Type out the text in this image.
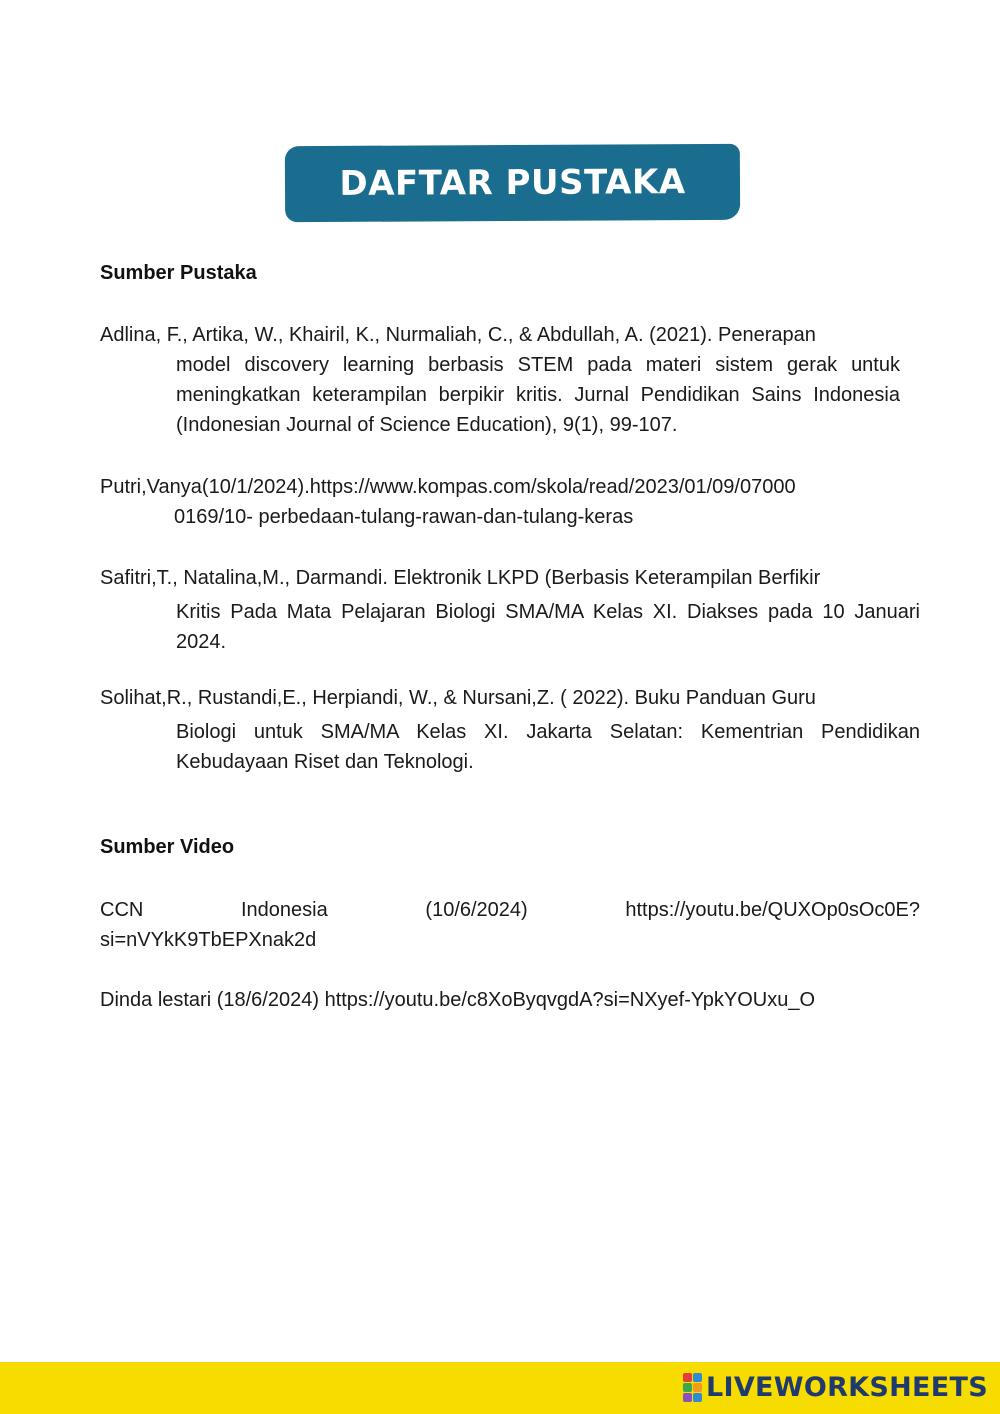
DAFTAR PUSTAKA
Sumber Pustaka
Adlina, F., Artika, W., Khairil, K., Nurmaliah, C., & Abdullah, A. (2021). Penerapan
model discovery learning berbasis STEM pada materi sistem gerak untuk meningkatkan keterampilan berpikir kritis. Jurnal Pendidikan Sains Indonesia (Indonesian Journal of Science Education), 9(1), 99-107.
Putri,Vanya(10/1/2024).https://www.kompas.com/skola/read/2023/01/09/07000
0169/10- perbedaan-tulang-rawan-dan-tulang-keras
Safitri,T., Natalina,M., Darmandi. Elektronik LKPD (Berbasis Keterampilan Berfikir
Kritis Pada Mata Pelajaran Biologi SMA/MA Kelas XI. Diakses pada 10 Januari 2024.
Solihat,R., Rustandi,E., Herpiandi, W., & Nursani,Z. ( 2022). Buku Panduan Guru
Biologi untuk SMA/MA Kelas XI. Jakarta Selatan: Kementrian Pendidikan Kebudayaan Riset dan Teknologi.
Sumber Video
CCN	Indonesia	(10/6/2024)	https://youtu.be/QUXOp0sOc0E?
si=nVYkK9TbEPXnak2d
Dinda lestari (18/6/2024) https://youtu.be/c8XoByqvgdA?si=NXyef-YpkYOUxu_O
LIVEWORKSHEETS
